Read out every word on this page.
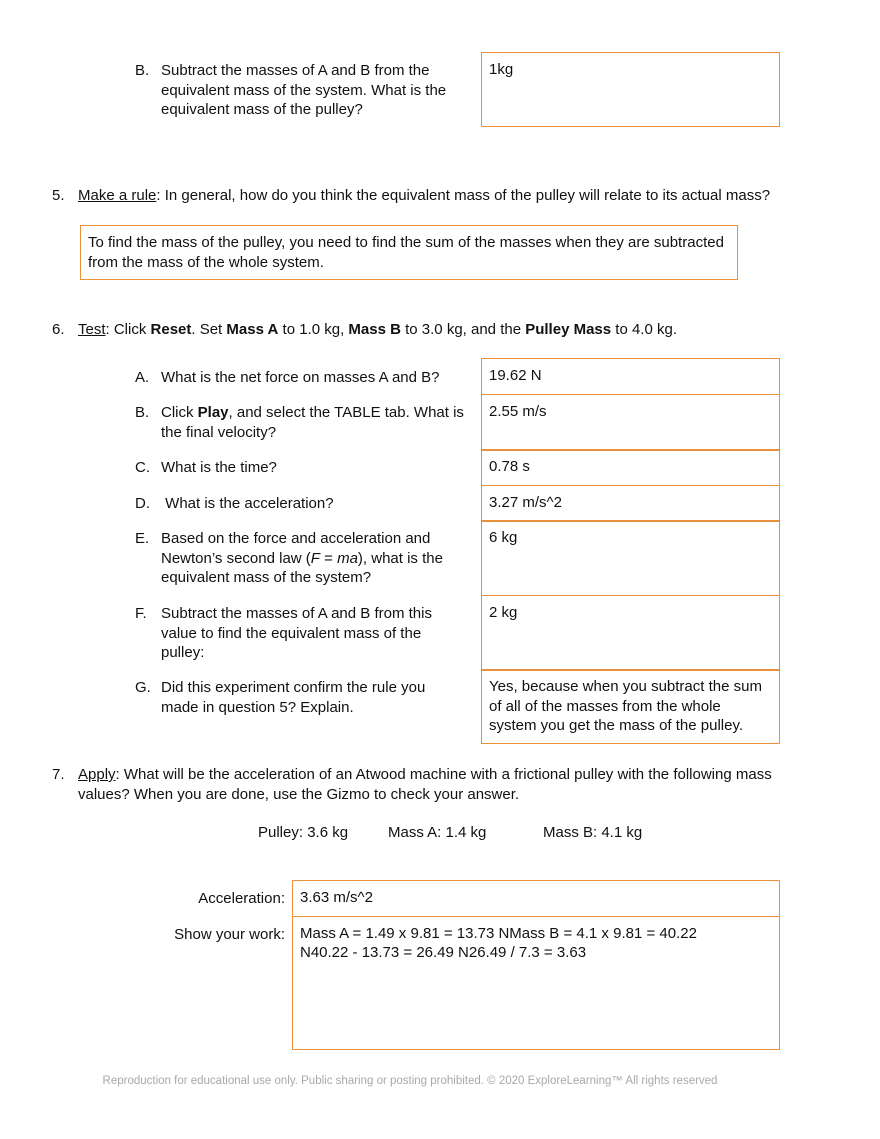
B. Subtract the masses of A and B from the equivalent mass of the system. What is the equivalent mass of the pulley?
1kg
5. Make a rule: In general, how do you think the equivalent mass of the pulley will relate to its actual mass?
To find the mass of the pulley, you need to find the sum of the masses when they are subtracted from the mass of the whole system.
6. Test: Click Reset. Set Mass A to 1.0 kg, Mass B to 3.0 kg, and the Pulley Mass to 4.0 kg.
A. What is the net force on masses A and B?	19.62 N
B. Click Play, and select the TABLE tab. What is the final velocity?
2.55 m/s
C. What is the time?	0.78 s
D. What is the acceleration?	3.27 m/s^2
E. Based on the force and acceleration and Newton’s second law (F = ma), what is the equivalent mass of the system?
6 kg
F. Subtract the masses of A and B from this value to find the equivalent mass of the pulley:
2 kg
G. Did this experiment confirm the rule you made in question 5? Explain.
Yes, because when you subtract the sum of all of the masses from the whole system you get the mass of the pulley.
7. Apply: What will be the acceleration of an Atwood machine with a frictional pulley with the following mass values? When you are done, use the Gizmo to check your answer.
Pulley: 3.6 kg	Mass A: 1.4 kg	Mass B: 4.1 kg
Acceleration:	3.63 m/s^2
Show your work:	Mass A = 1.49 x 9.81 = 13.73 NMass B = 4.1 x 9.81 = 40.22 N40.22 - 13.73 = 26.49 N26.49 / 7.3 = 3.63
Reproduction for educational use only. Public sharing or posting prohibited. © 2020 ExploreLearning™ All rights reserved
